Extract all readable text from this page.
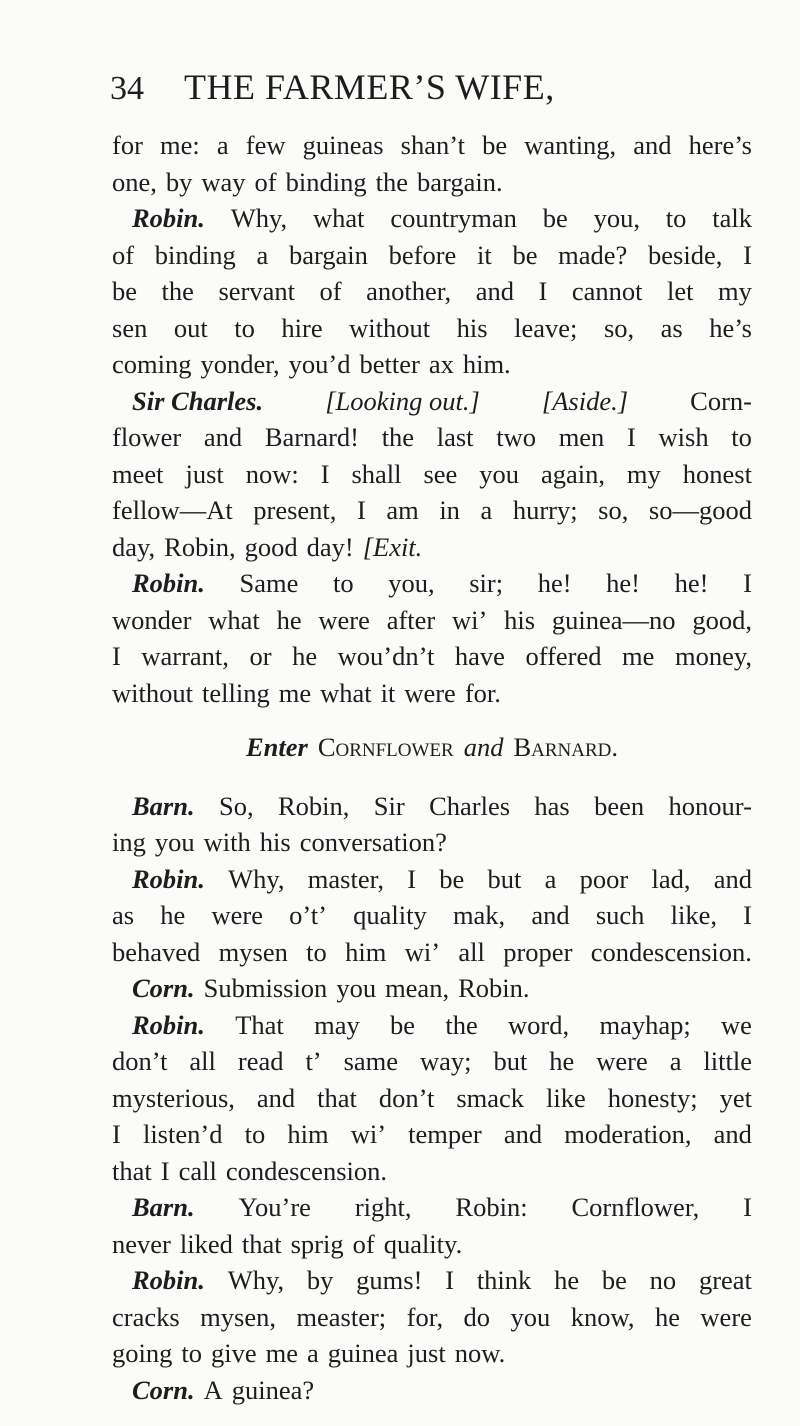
34 THE FARMER’S WIFE,
for me: a few guineas shan’t be wanting, and here’s
one, by way of binding the bargain.
Robin. Why, what countryman be you, to talk
of binding a bargain before it be made? beside, I
be the servant of another, and I cannot let my
sen out to hire without his leave; so, as he’s
coming yonder, you’d better ax him.
Sir Charles. [Looking out.] [Aside.] Corn-
flower and Barnard! the last two men I wish to
meet just now: I shall see you again, my honest
fellow—At present, I am in a hurry; so, so—good
day, Robin, good day! [Exit.
Robin. Same to you, sir; he! he! he! I
wonder what he were after wi’ his guinea—no good,
I warrant, or he wou’dn’t have offered me money,
without telling me what it were for.
Enter Cornflower and Barnard.
Barn. So, Robin, Sir Charles has been honour-
ing you with his conversation?
Robin. Why, master, I be but a poor lad, and
as he were o’t’ quality mak, and such like, I
behaved mysen to him wi’ all proper condescension.
Corn. Submission you mean, Robin.
Robin. That may be the word, mayhap; we
don’t all read t’ same way; but he were a little
mysterious, and that don’t smack like honesty; yet
I listen’d to him wi’ temper and moderation, and
that I call condescension.
Barn. You’re right, Robin: Cornflower, I
never liked that sprig of quality.
Robin. Why, by gums! I think he be no great
cracks mysen, measter; for, do you know, he were
going to give me a guinea just now.
Corn. A guinea?
